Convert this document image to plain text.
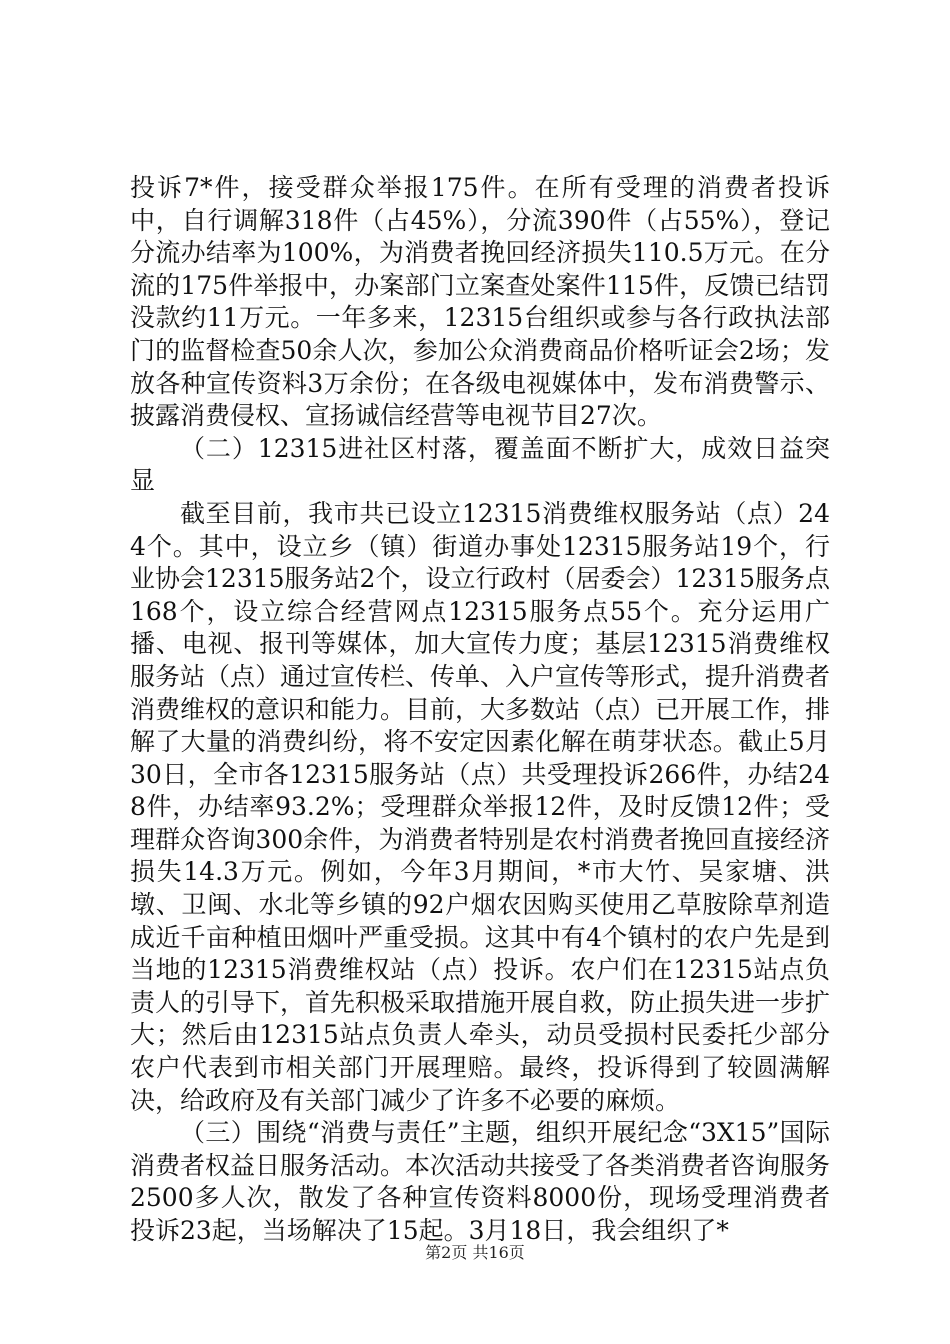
投诉7*件，接受群众举报175件。在所有受理的消费者投诉中，自行调解318件（占45%），分流390件（占55%），登记分流办结率为100%，为消费者挽回经济损失110.5万元。在分流的175件举报中，办案部门立案查处案件115件，反馈已结罚没款约11万元。一年多来，12315台组织或参与各行政执法部门的监督检查50余人次，参加公众消费商品价格听证会2场；发放各种宣传资料3万余份；在各级电视媒体中，发布消费警示、披露消费侵权、宣扬诚信经营等电视节目27次。

（二）12315进社区村落，覆盖面不断扩大，成效日益突显

截至目前，我市共已设立12315消费维权服务站（点）244个。其中，设立乡（镇）街道办事处12315服务站19个，行业协会12315服务站2个，设立行政村（居委会）12315服务点168个，设立综合经营网点12315服务点55个。充分运用广播、电视、报刊等媒体，加大宣传力度；基层12315消费维权服务站（点）通过宣传栏、传单、入户宣传等形式，提升消费者消费维权的意识和能力。目前，大多数站（点）已开展工作，排解了大量的消费纠纷，将不安定因素化解在萌芽状态。截止5月30日，全市各12315服务站（点）共受理投诉266件，办结248件，办结率93.2%；受理群众举报12件，及时反馈12件；受理群众咨询300余件，为消费者特别是农村消费者挽回直接经济损失14.3万元。例如，今年3月期间，*市大竹、吴家塘、洪墩、卫闽、水北等乡镇的92户烟农因购买使用乙草胺除草剂造成近千亩种植田烟叶严重受损。这其中有4个镇村的农户先是到当地的12315消费维权站（点）投诉。农户们在12315站点负责人的引导下，首先积极采取措施开展自救，防止损失进一步扩大；然后由12315站点负责人牵头，动员受损村民委托少部分农户代表到市相关部门开展理赔。最终，投诉得到了较圆满解决，给政府及有关部门减少了许多不必要的麻烦。

（三）围绕“消费与责任”主题，组织开展纪念“3X15”国际消费者权益日服务活动。本次活动共接受了各类消费者咨询服务2500多人次，散发了各种宣传资料8000份，现场受理消费者投诉23起，当场解决了15起。3月18日，我会组织了*

第2页 共16页
